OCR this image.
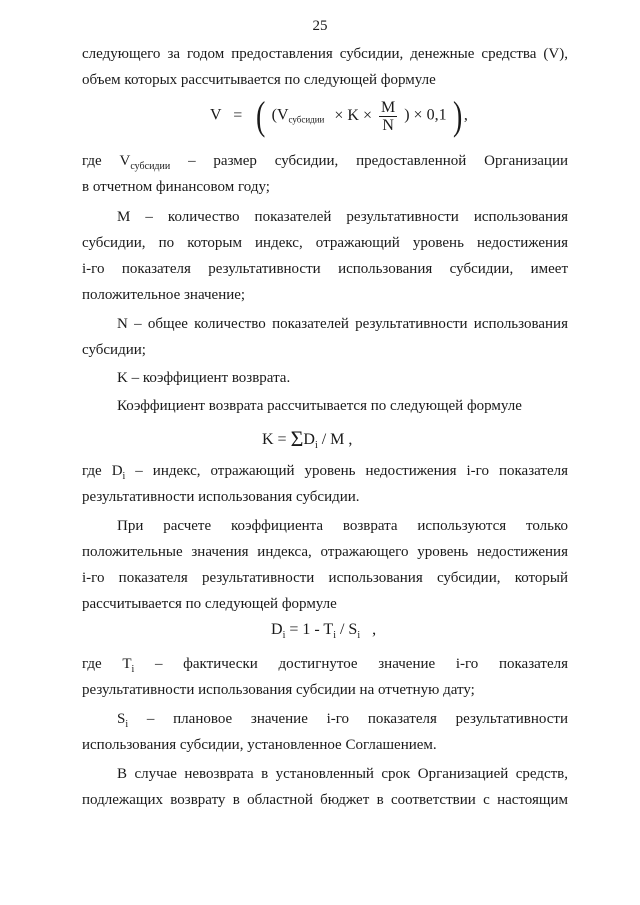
25
следующего за годом предоставления субсидии, денежные средства (V),
объем которых рассчитывается по следующей формуле
V = ( ($V_{субсидии} \times K \times \frac{M}{N}$ ) × 0,1 ) ,
где $V_{субсидии}$ – размер субсидии, предоставленной Организации
в отчетном финансовом году;
M – количество показателей результативности использования
субсидии, по которым индекс, отражающий уровень недостижения
i-го показателя результативности использования субсидии, имеет
положительное значение;
N – общее количество показателей результативности использования
субсидии;
K – коэффициент возврата.
Коэффициент возврата рассчитывается по следующей формуле
$K = \Sigma D_i / M$ ,
где $D_i$ – индекс, отражающий уровень недостижения i-го показателя
результативности использования субсидии.
При расчете коэффициента возврата используются только
положительные значения индекса, отражающего уровень недостижения
i-го показателя результативности использования субсидии, который
рассчитывается по следующей формуле
$D_i = 1 - T_i / S_i$ ,
где $T_i$ – фактически достигнутое значение i-го показателя
результативности использования субсидии на отчетную дату;
$S_i$ – плановое значение i-го показателя результативности
использования субсидии, установленное Соглашением.
В случае невозврата в установленный срок Организацией средств,
подлежащих возврату в областной бюджет в соответствии с настоящим
